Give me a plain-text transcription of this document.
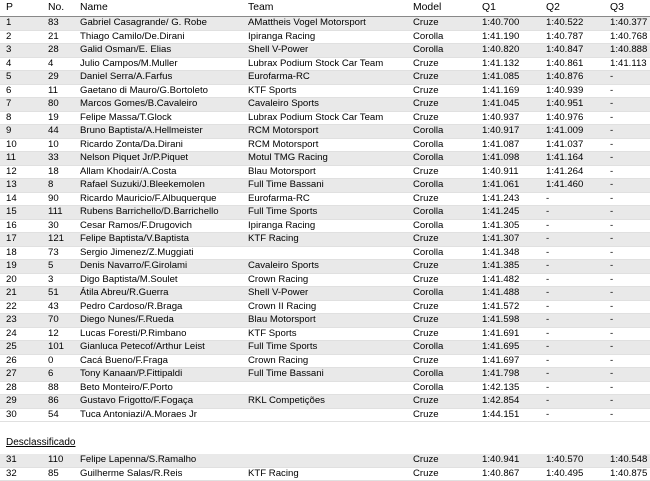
P	No.	Name	Team	Model	Q1	Q2	Q3
1	83	Gabriel Casagrande/ G. Robe	AMattheis Vogel Motorsport	Cruze	1:40.700	1:40.522	1:40.377
2	21	Thiago Camilo/De.Dirani	Ipiranga Racing	Corolla	1:41.190	1:40.787	1:40.768
3	28	Galid Osman/E. Elias	Shell V-Power	Corolla	1:40.820	1:40.847	1:40.888
4	4	Julio Campos/M.Muller	Lubrax Podium Stock Car Team	Cruze	1:41.132	1:40.861	1:41.113
5	29	Daniel Serra/A.Farfus	Eurofarma-RC	Cruze	1:41.085	1:40.876	-
6	11	Gaetano di Mauro/G.Bortoleto	KTF Sports	Cruze	1:41.169	1:40.939	-
7	80	Marcos Gomes/B.Cavaleiro	Cavaleiro Sports	Cruze	1:41.045	1:40.951	-
8	19	Felipe Massa/T.Glock	Lubrax Podium Stock Car Team	Cruze	1:40.937	1:40.976	-
9	44	Bruno Baptista/A.Hellmeister	RCM Motorsport	Corolla	1:40.917	1:41.009	-
10	10	Ricardo Zonta/Da.Dirani	RCM Motorsport	Corolla	1:41.087	1:41.037	-
11	33	Nelson Piquet Jr/P.Piquet	Motul TMG Racing	Corolla	1:41.098	1:41.164	-
12	18	Allam Khodair/A.Costa	Blau Motorsport	Cruze	1:40.911	1:41.264	-
13	8	Rafael Suzuki/J.Bleekemolen	Full Time Bassani	Corolla	1:41.061	1:41.460	-
14	90	Ricardo Mauricio/F.Albuquerque	Eurofarma-RC	Cruze	1:41.243	-	-
15	111	Rubens Barrichello/D.Barrichello	Full Time Sports	Corolla	1:41.245	-	-
16	30	Cesar Ramos/F.Drugovich	Ipiranga Racing	Corolla	1:41.305	-	-
17	121	Felipe Baptista/V.Baptista	KTF Racing	Cruze	1:41.307	-	-
18	73	Sergio Jimenez/Z.Muggiati		Corolla	1:41.348	-	-
19	5	Denis Navarro/F.Girolami	Cavaleiro Sports	Cruze	1:41.385	-	-
20	3	Digo Baptista/M.Soulet	Crown Racing	Cruze	1:41.482	-	-
21	51	Átila Abreu/R.Guerra	Shell V-Power	Corolla	1:41.488	-	-
22	43	Pedro Cardoso/R.Braga	Crown II Racing	Cruze	1:41.572	-	-
23	70	Diego Nunes/F.Rueda	Blau Motorsport	Cruze	1:41.598	-	-
24	12	Lucas Foresti/P.Rimbano	KTF Sports	Cruze	1:41.691	-	-
25	101	Gianluca Petecof/Arthur Leist	Full Time Sports	Corolla	1:41.695	-	-
26	0	Cacá Bueno/F.Fraga	Crown Racing	Cruze	1:41.697	-	-
27	6	Tony Kanaan/P.Fittipaldi	Full Time Bassani	Corolla	1:41.798	-	-
28	88	Beto Monteiro/F.Porto		Corolla	1:42.135	-	-
29	86	Gustavo Frigotto/F.Fogaça	RKL Competições	Cruze	1:42.854	-	-
30	54	Tuca Antoniazi/A.Moraes Jr		Cruze	1:44.151	-	-

Desclassificado							

31	110	Felipe Lapenna/S.Ramalho		Cruze	1:40.941	1:40.570	1:40.548
32	85	Guilherme Salas/R.Reis	KTF Racing	Cruze	1:40.867	1:40.495	1:40.875
